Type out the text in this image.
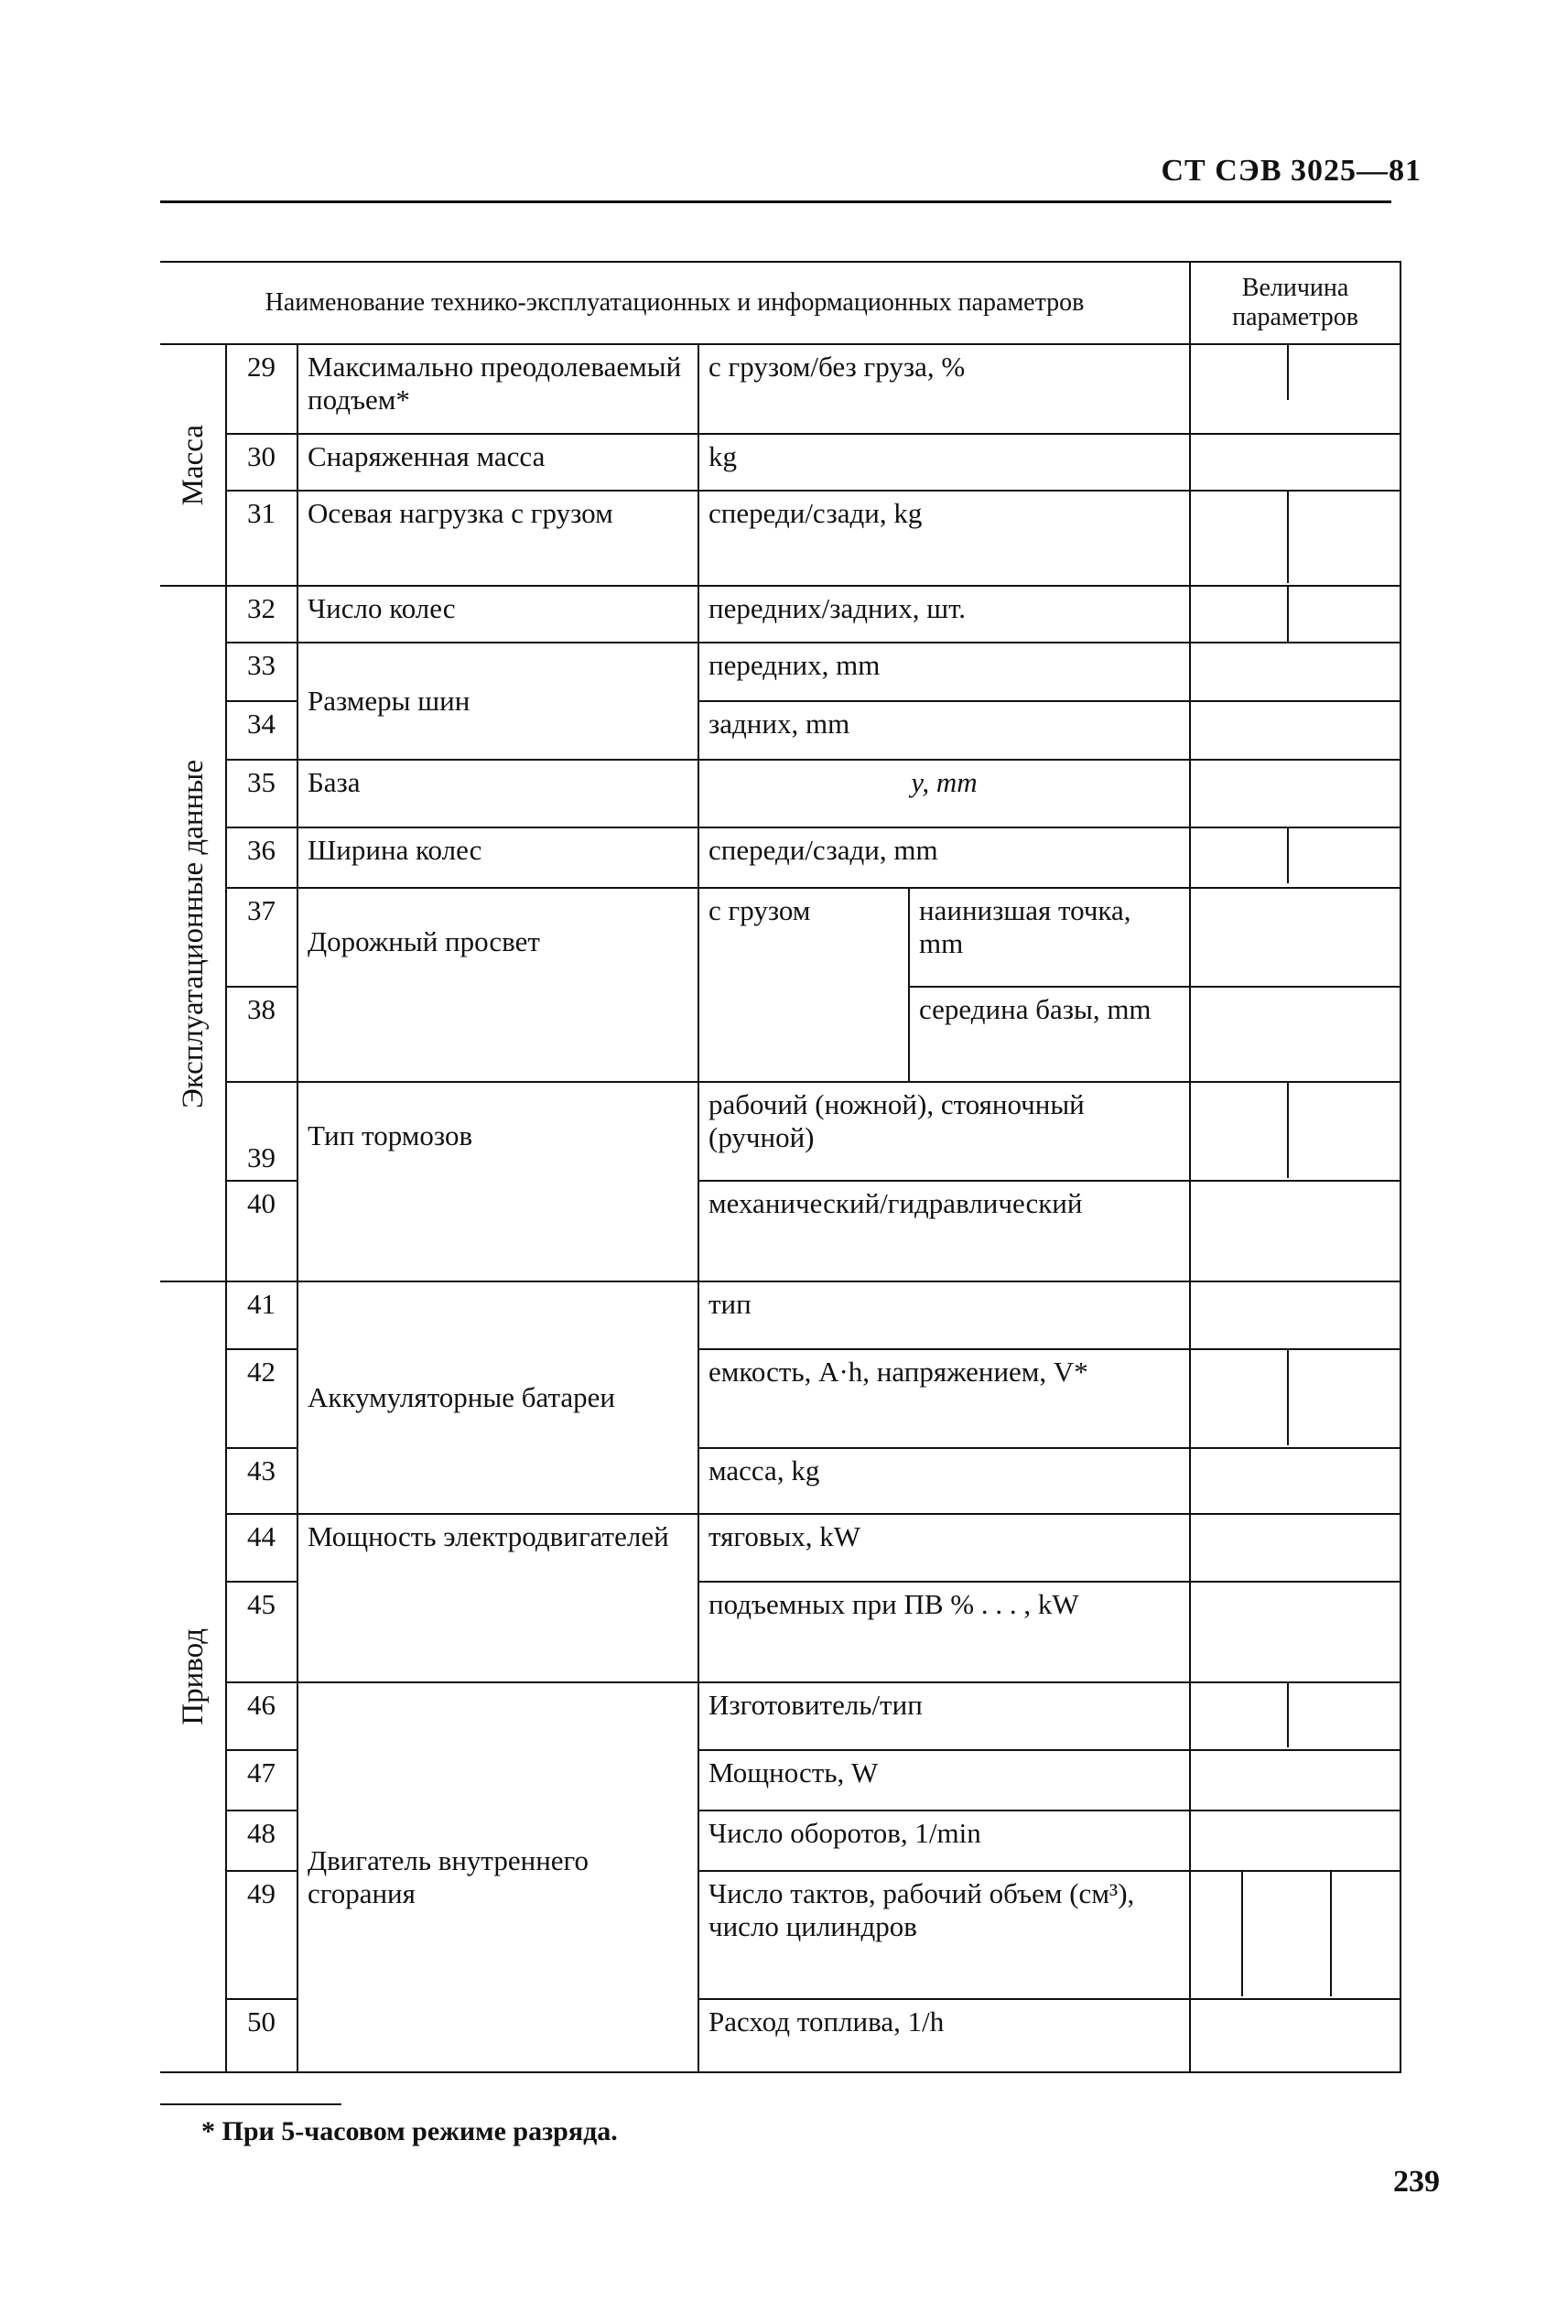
СТ СЭВ 3025—81
Наименование технико-эксплуатационных и информационных параметров					Величина параметров

Масса	29	Максимально преодолеваемый подъем*	с грузом/без груза, %		

	30	Снаряженная масса	kg		
	31	Осевая нагрузка с грузом	спереди/сзади, kg		

Эксплуатационные данные	32	Число колес	передних/задних, шт.		

	33	Размеры шин	передних, mm		
	34		задних, mm		
	35	База	y, mm		
	36	Ширина колес	спереди/сзади, mm		

	37	Дорожный просвет	с грузом	наинизшая точка, mm	
	38			середина базы, mm	
	39	Тип тормозов	рабочий (ножной), стояночный (ручной)		

	40		механический/гидравлический		

Привод	41	Аккумуляторные батареи	тип		
	42		емкость, A·h, напряжением, V*		

	43		масса, kg		
	44	Мощность электродвигателей	тяговых, kW		
	45		подъемных при ПВ % . . . , kW		
	46	Двигатель внутреннего сгорания	Изготовитель/тип		

	47		Мощность, W		
	48		Число оборотов, 1/min		
	49		Число тактов, рабочий объем (см³), число цилиндров		

	50		Расход топлива, 1/h		
* При 5-часовом режиме разряда.
239
